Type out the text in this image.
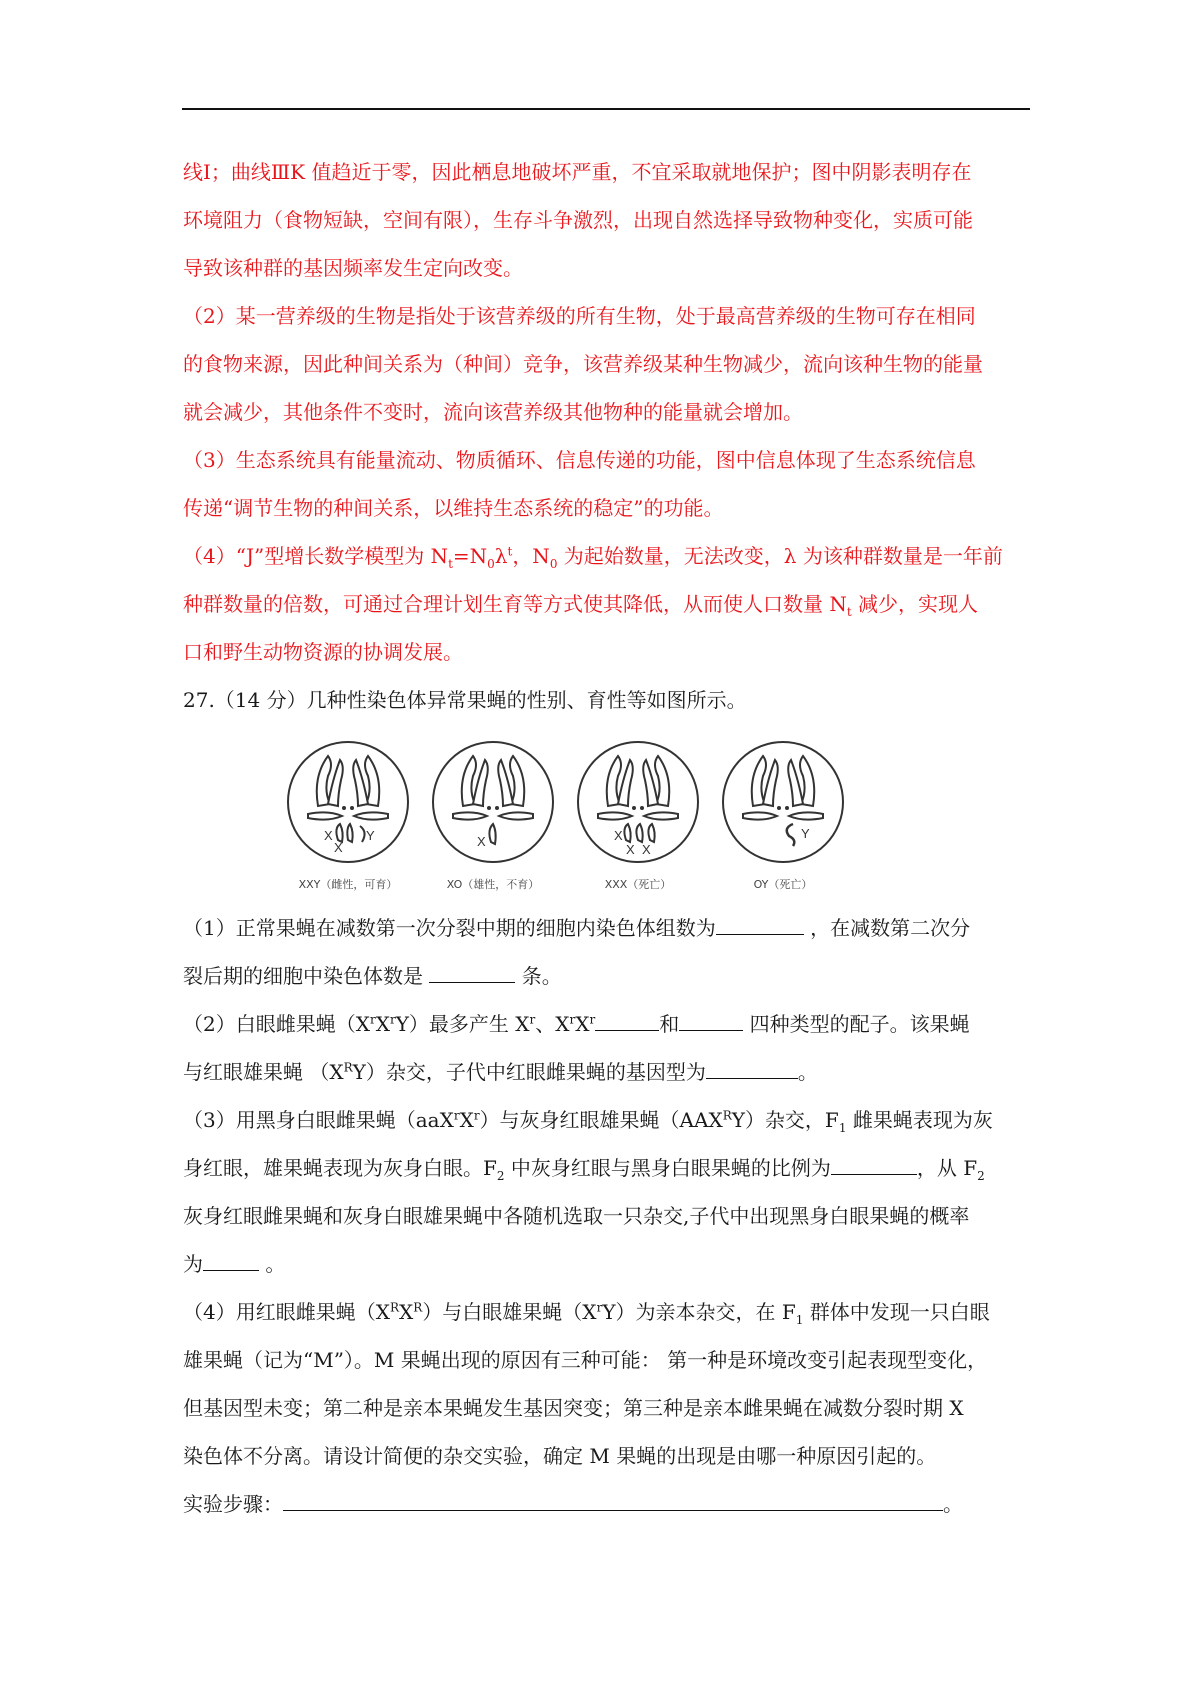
线Ⅰ；曲线ⅢK 值趋近于零，因此栖息地破坏严重，不宜采取就地保护；图中阴影表明存在
环境阻力（食物短缺，空间有限），生存斗争激烈，出现自然选择导致物种变化，实质可能
导致该种群的基因频率发生定向改变。
（2）某一营养级的生物是指处于该营养级的所有生物，处于最高营养级的生物可存在相同
的食物来源，因此种间关系为（种间）竞争，该营养级某种生物减少，流向该种生物的能量
就会减少，其他条件不变时，流向该营养级其他物种的能量就会增加。
（3）生态系统具有能量流动、物质循环、信息传递的功能，图中信息体现了生态系统信息
传递“调节生物的种间关系，以维持生态系统的稳定”的功能。
（4）“J”型增长数学模型为 $N_t=N_0\lambda^t$，$N_0$ 为起始数量，无法改变，λ 为该种群数量是一年前
种群数量的倍数，可通过合理计划生育等方式使其降低，从而使人口数量 $N_t$ 减少，实现人
口和野生动物资源的协调发展。
27.（14 分）几种性染色体异常果蝇的性别、育性等如图所示。
X
X
Y
XXY（雌性，可育）
X
XO（雄性，不育）
X
X X
XXX（死亡）
Y
OY（死亡）
（1）正常果蝇在减数第一次分裂中期的细胞内染色体组数为	，在减数第二次分
裂后期的细胞中染色体数是	条。
（2）白眼雌果蝇$(X^rX^rY)$最多产生 $X^r$、$X^rX^r$	和	四种类型的配子。该果蝇
与红眼雄果蝇 $(X^RY)$杂交，子代中红眼雌果蝇的基因型为	。
（3）用黑身白眼雌果蝇$(aaX^rX^r)$与灰身红眼雄果蝇$(AAX^RY)$杂交，$F_1$ 雌果蝇表现为灰
身红眼，雄果蝇表现为灰身白眼。$F_2$ 中灰身红眼与黑身白眼果蝇的比例为	，从 $F_2$
灰身红眼雌果蝇和灰身白眼雄果蝇中各随机选取一只杂交,子代中出现黑身白眼果蝇的概率
为	。
（4）用红眼雌果蝇$(X^RX^R)$与白眼雄果蝇$(X^rY)$为亲本杂交，在 $F_1$ 群体中发现一只白眼
雄果蝇（记为“M”）。M 果蝇出现的原因有三种可能： 第一种是环境改变引起表现型变化，
但基因型未变；第二种是亲本果蝇发生基因突变；第三种是亲本雌果蝇在减数分裂时期 X
染色体不分离。请设计简便的杂交实验，确定 M 果蝇的出现是由哪一种原因引起的。
实验步骤：	。
